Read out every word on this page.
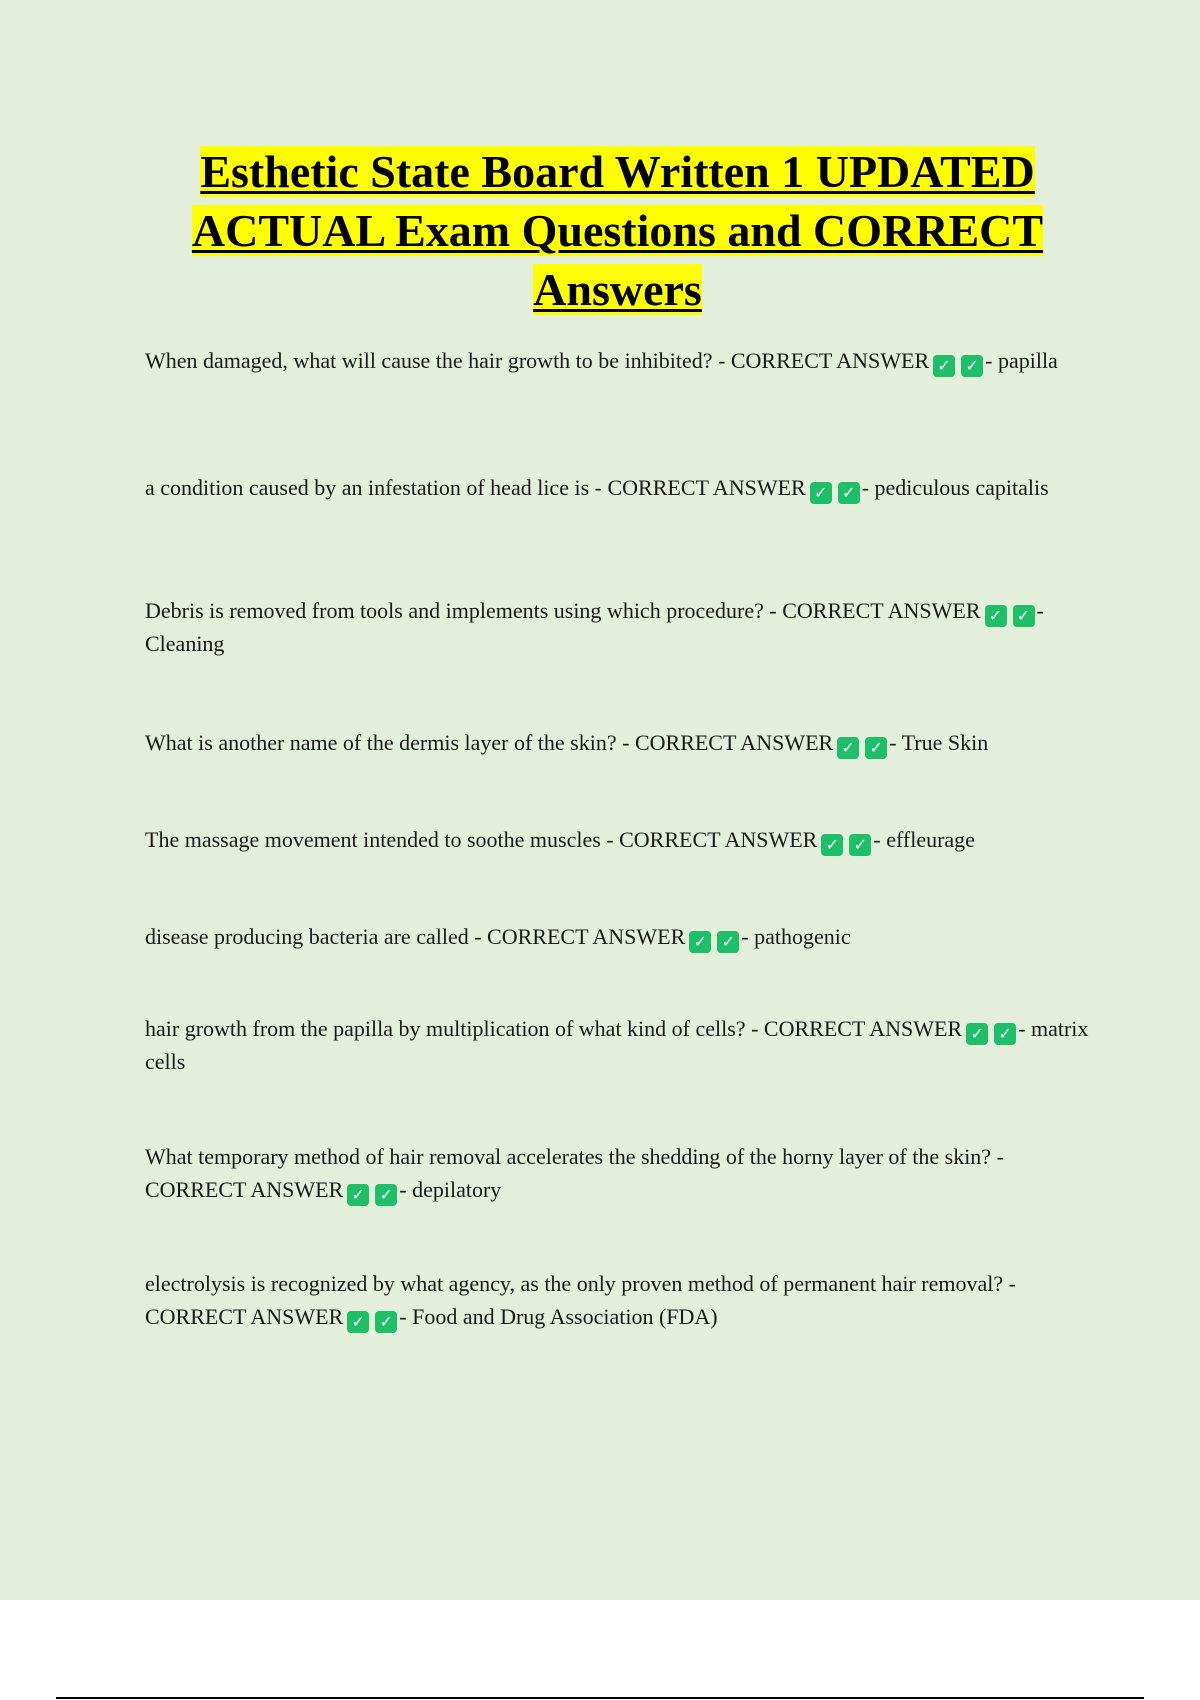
Esthetic State Board Written 1 UPDATED ACTUAL Exam Questions and CORRECT Answers

When damaged, what will cause the hair growth to be inhibited? - CORRECT ANSWER ✓ ✓ - papilla

a condition caused by an infestation of head lice is - CORRECT ANSWER ✓ ✓ - pediculous capitalis

Debris is removed from tools and implements using which procedure? - CORRECT ANSWER ✓ ✓ - Cleaning

What is another name of the dermis layer of the skin? - CORRECT ANSWER ✓ ✓ - True Skin

The massage movement intended to soothe muscles - CORRECT ANSWER ✓ ✓ - effleurage

disease producing bacteria are called - CORRECT ANSWER ✓ ✓ - pathogenic

hair growth from the papilla by multiplication of what kind of cells? - CORRECT ANSWER ✓ ✓ - matrix cells

What temporary method of hair removal accelerates the shedding of the horny layer of the skin? - CORRECT ANSWER ✓ ✓ - depilatory

electrolysis is recognized by what agency, as the only proven method of permanent hair removal? - CORRECT ANSWER ✓ ✓ - Food and Drug Association (FDA)
